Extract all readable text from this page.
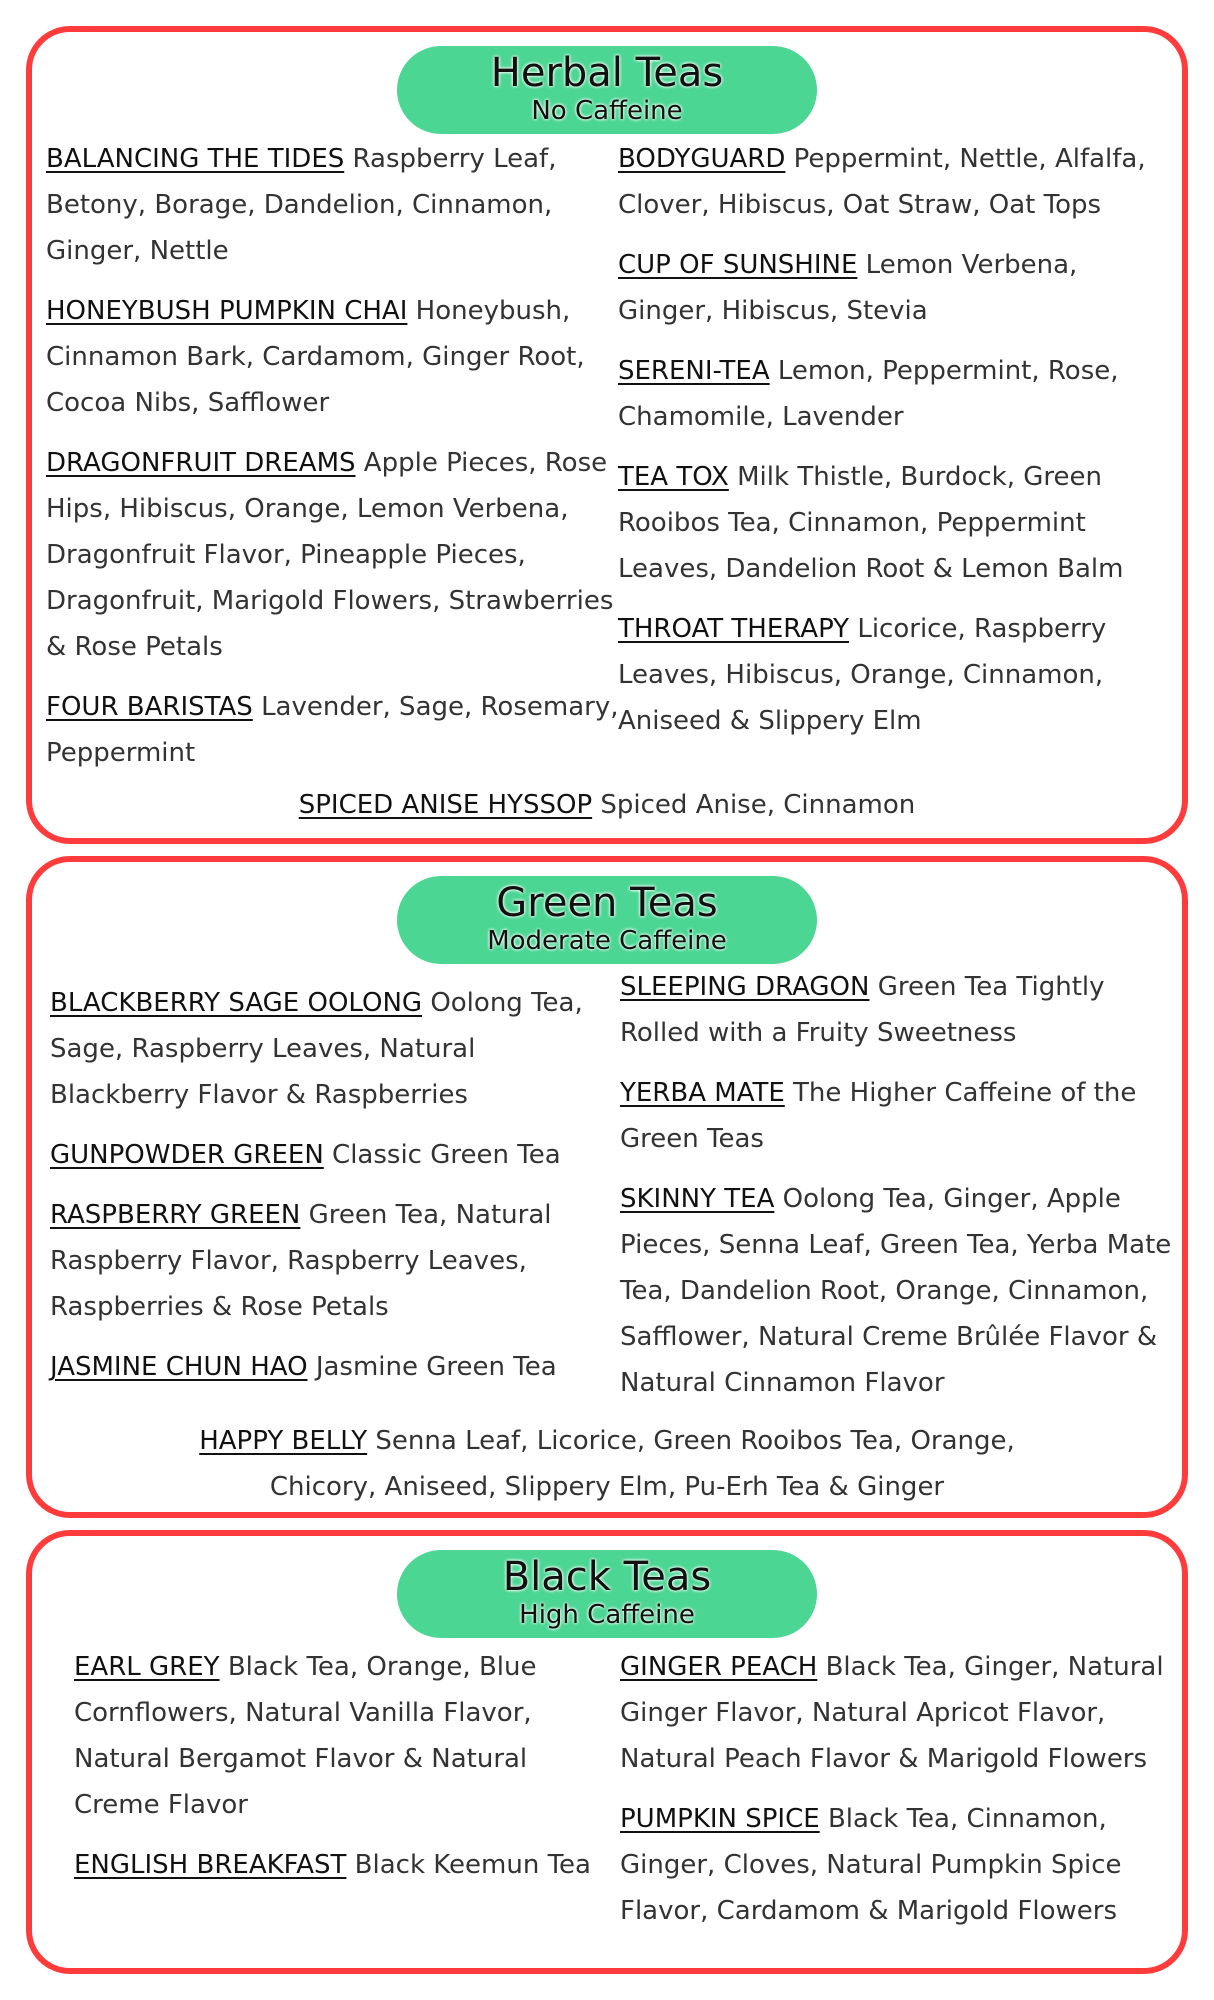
Herbal Teas
No Caffeine

BALANCING THE TIDES Raspberry Leaf, Betony, Borage, Dandelion, Cinnamon, Ginger, Nettle

HONEYBUSH PUMPKIN CHAI Honeybush, Cinnamon Bark, Cardamom, Ginger Root, Cocoa Nibs, Safflower

DRAGONFRUIT DREAMS Apple Pieces, Rose Hips, Hibiscus, Orange, Lemon Verbena, Dragonfruit Flavor, Pineapple Pieces, Dragonfruit, Marigold Flowers, Strawberries & Rose Petals

FOUR BARISTAS Lavender, Sage, Rosemary, Peppermint

BODYGUARD Peppermint, Nettle, Alfalfa, Clover, Hibiscus, Oat Straw, Oat Tops

CUP OF SUNSHINE Lemon Verbena, Ginger, Hibiscus, Stevia

SERENI-TEA Lemon, Peppermint, Rose, Chamomile, Lavender

TEA TOX Milk Thistle, Burdock, Green Rooibos Tea, Cinnamon, Peppermint Leaves, Dandelion Root & Lemon Balm

THROAT THERAPY Licorice, Raspberry Leaves, Hibiscus, Orange, Cinnamon, Aniseed & Slippery Elm

SPICED ANISE HYSSOP Spiced Anise, Cinnamon

Green Teas
Moderate Caffeine

BLACKBERRY SAGE OOLONG Oolong Tea, Sage, Raspberry Leaves, Natural Blackberry Flavor & Raspberries

GUNPOWDER GREEN Classic Green Tea

RASPBERRY GREEN Green Tea, Natural Raspberry Flavor, Raspberry Leaves, Raspberries & Rose Petals

JASMINE CHUN HAO Jasmine Green Tea

SLEEPING DRAGON Green Tea Tightly Rolled with a Fruity Sweetness

YERBA MATE The Higher Caffeine of the Green Teas

SKINNY TEA Oolong Tea, Ginger, Apple Pieces, Senna Leaf, Green Tea, Yerba Mate Tea, Dandelion Root, Orange, Cinnamon, Safflower, Natural Creme Brûlée Flavor & Natural Cinnamon Flavor

HAPPY BELLY Senna Leaf, Licorice, Green Rooibos Tea, Orange, Chicory, Aniseed, Slippery Elm, Pu-Erh Tea & Ginger

Black Teas
High Caffeine

EARL GREY Black Tea, Orange, Blue Cornflowers, Natural Vanilla Flavor, Natural Bergamot Flavor & Natural Creme Flavor

ENGLISH BREAKFAST Black Keemun Tea

GINGER PEACH Black Tea, Ginger, Natural Ginger Flavor, Natural Apricot Flavor, Natural Peach Flavor & Marigold Flowers

PUMPKIN SPICE Black Tea, Cinnamon, Ginger, Cloves, Natural Pumpkin Spice Flavor, Cardamom & Marigold Flowers
